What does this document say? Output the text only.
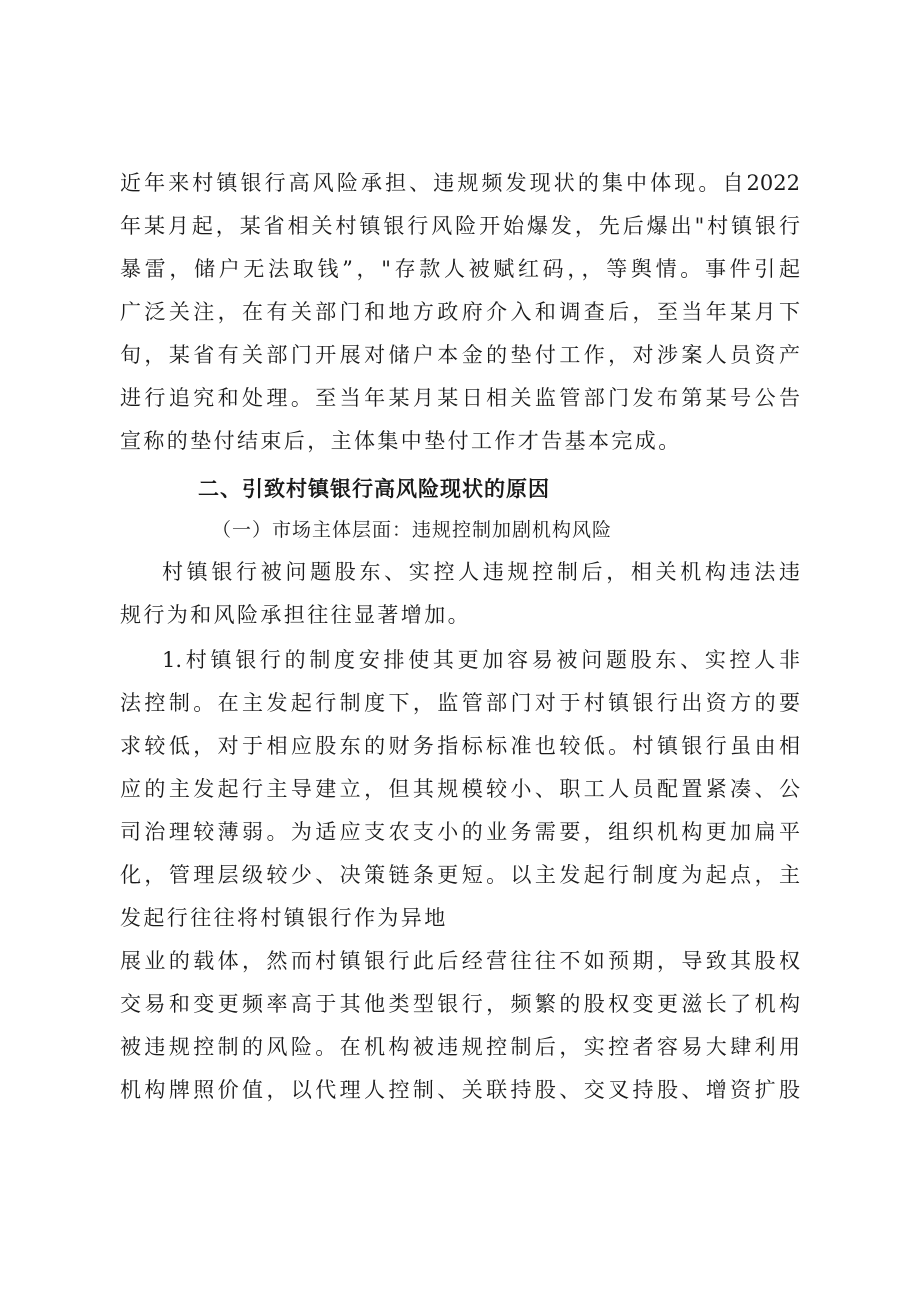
近年来村镇银行高风险承担、违规频发现状的集中体现。自2022
年某月起，某省相关村镇银行风险开始爆发，先后爆出"村镇银行
暴雷，储户无法取钱”，"存款人被赋红码，，等舆情。事件引起
广泛关注，在有关部门和地方政府介入和调查后，至当年某月下
旬，某省有关部门开展对储户本金的垫付工作，对涉案人员资产
进行追究和处理。至当年某月某日相关监管部门发布第某号公告
宣称的垫付结束后，主体集中垫付工作才告基本完成。
二、引致村镇银行高风险现状的原因
（一）市场主体层面：违规控制加剧机构风险
村镇银行被问题股东、实控人违规控制后，相关机构违法违
规行为和风险承担往往显著增加。
1.村镇银行的制度安排使其更加容易被问题股东、实控人非
法控制。在主发起行制度下，监管部门对于村镇银行出资方的要
求较低，对于相应股东的财务指标标准也较低。村镇银行虽由相
应的主发起行主导建立，但其规模较小、职工人员配置紧凑、公
司治理较薄弱。为适应支农支小的业务需要，组织机构更加扁平
化，管理层级较少、决策链条更短。以主发起行制度为起点，主
发起行往往将村镇银行作为异地
展业的载体，然而村镇银行此后经营往往不如预期，导致其股权
交易和变更频率高于其他类型银行，频繁的股权变更滋长了机构
被违规控制的风险。在机构被违规控制后，实控者容易大肆利用
机构牌照价值，以代理人控制、关联持股、交叉持股、增资扩股
